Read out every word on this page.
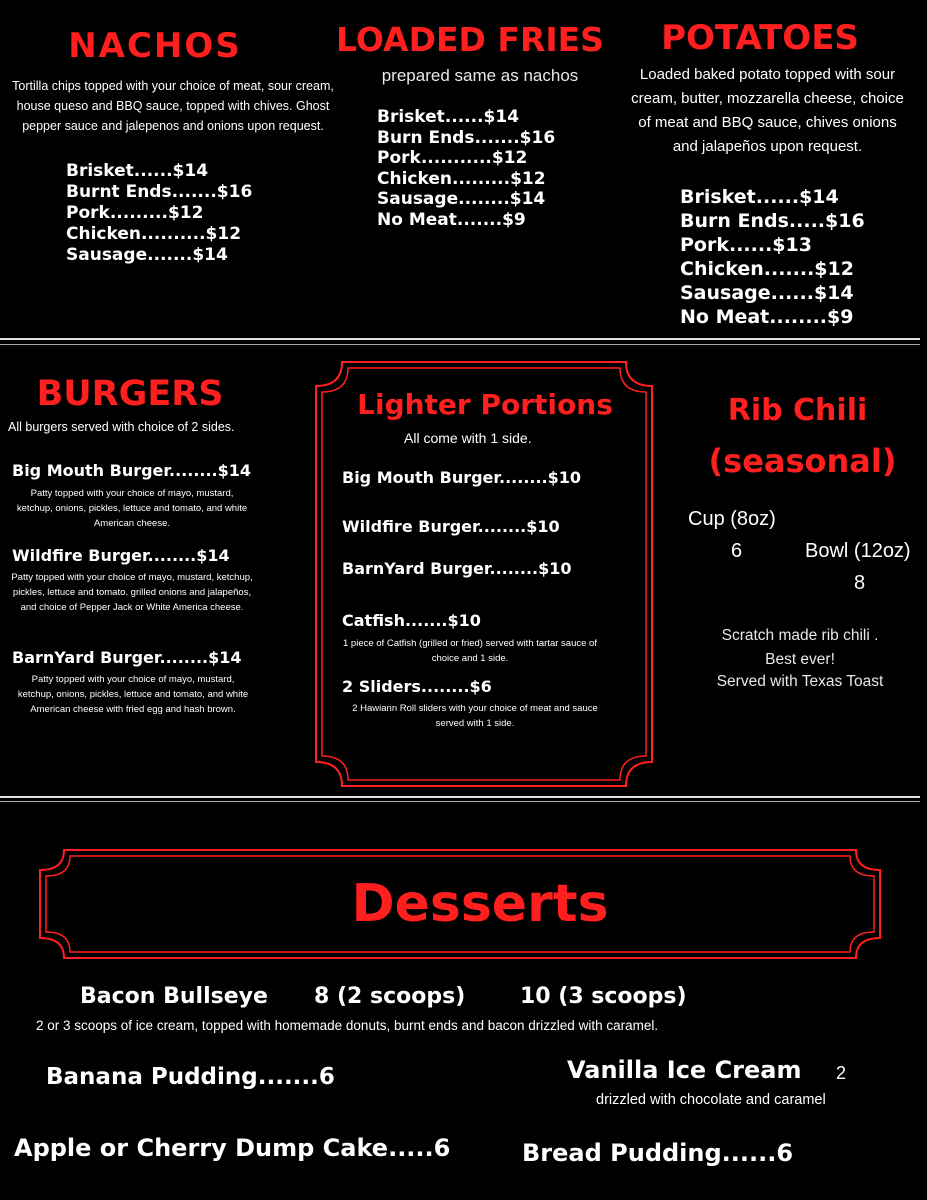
NACHOS
Tortilla chips topped with your choice of meat, sour cream, house queso and BBQ sauce, topped with chives. Ghost pepper sauce and jalepenos and onions upon request.
Brisket......$14
Burnt Ends.......$16
Pork.........$12
Chicken..........$12
Sausage.......$14
LOADED FRIES
prepared same as nachos
Brisket......$14
Burn Ends.......$16
Pork...........$12
Chicken.........$12
Sausage........$14
No Meat.......$9
POTATOES
Loaded baked potato topped with sour cream, butter, mozzarella cheese, choice of meat and BBQ sauce, chives onions and jalapeños upon request.
Brisket......$14
Burn Ends.....$16
Pork......$13
Chicken.......$12
Sausage......$14
No Meat........$9
BURGERS
All burgers served with choice of 2 sides.
Big Mouth Burger........$14
Patty topped with your choice of mayo, mustard, ketchup, onions, pickles, lettuce and tomato, and white American cheese.
Wildfire Burger........$14
Patty topped with your choice of mayo, mustard, ketchup, pickles, lettuce and tomato. grilled onions and jalapeños, and choice of Pepper Jack or White America cheese.
BarnYard Burger........$14
Patty topped with your choice of mayo, mustard, ketchup, onions, pickles, lettuce and tomato, and white American cheese with fried egg and hash brown.
Lighter Portions
All come with 1 side.
Big Mouth Burger........$10
Wildfire Burger........$10
BarnYard Burger........$10
Catfish.......$10
1 piece of Catfish (grilled or fried) served with tartar sauce of choice and 1 side.
2 Sliders........$6
2 Hawiann Roll sliders with your choice of meat and sauce served with 1 side.
Rib Chili
(seasonal)
Cup (8oz)
6	Bowl (12oz)
8
Scratch made rib chili .
Best ever!
Served with Texas Toast
Desserts
Bacon Bullseye 8 (2 scoops) 10 (3 scoops)
2 or 3 scoops of ice cream, topped with homemade donuts, burnt ends and bacon drizzled with caramel.
Banana Pudding.......6	Vanilla Ice Cream 2
drizzled with chocolate and caramel
Apple or Cherry Dump Cake.....6	Bread Pudding......6
